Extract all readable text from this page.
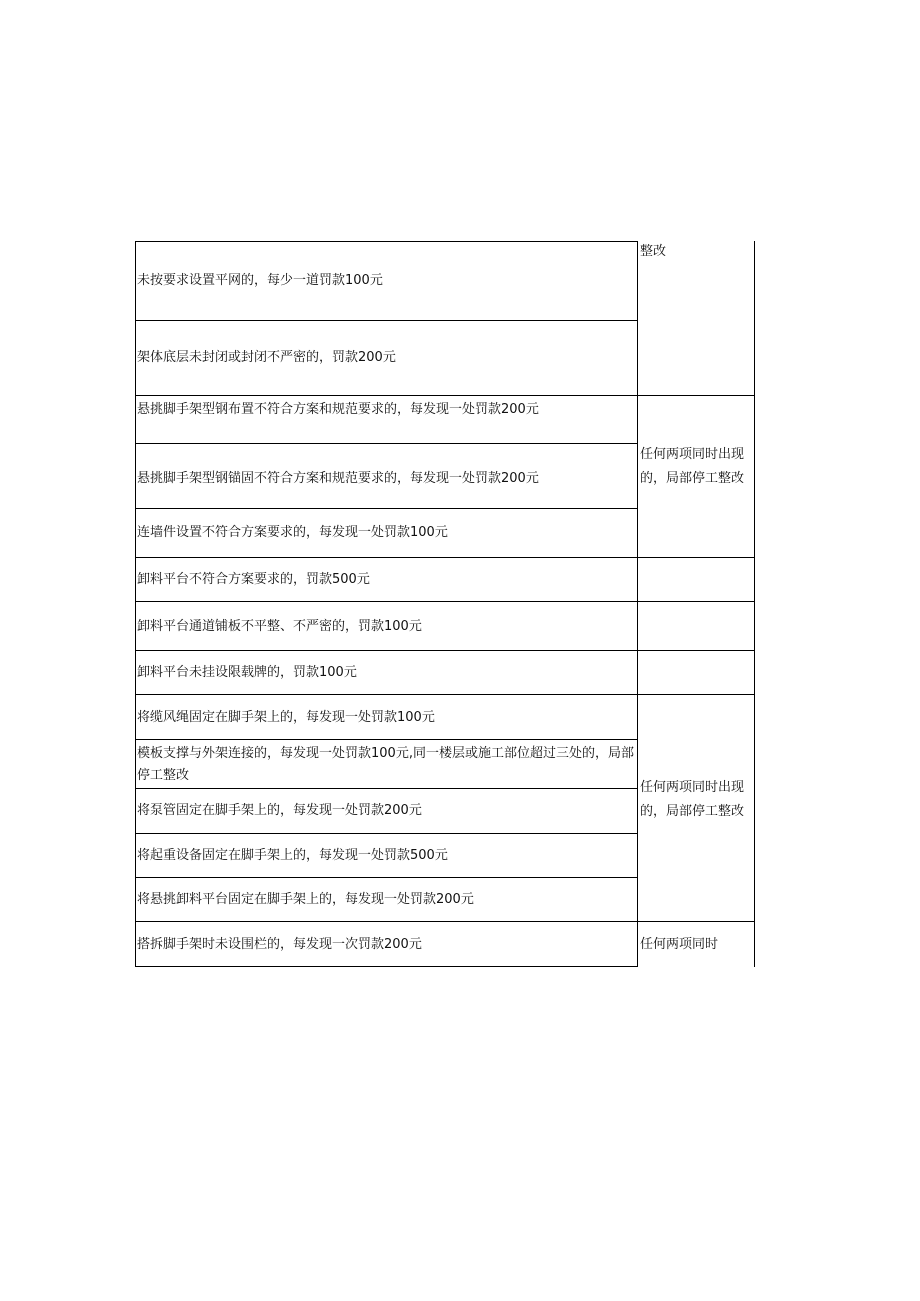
未按要求设置平网的，每少一道罚款100元
架体底层未封闭或封闭不严密的，罚款200元
悬挑脚手架型钢布置不符合方案和规范要求的，每发现一处罚款200元
悬挑脚手架型钢锚固不符合方案和规范要求的，每发现一处罚款200元
连墙件设置不符合方案要求的，每发现一处罚款100元
卸料平台不符合方案要求的，罚款500元
卸料平台通道铺板不平整、不严密的，罚款100元
卸料平台未挂设限载牌的，罚款100元
将缆风绳固定在脚手架上的，每发现一处罚款100元
模板支撑与外架连接的，每发现一处罚款100元,同一楼层或施工部位超过三处的，局部停工整改
将泵管固定在脚手架上的，每发现一处罚款200元
将起重设备固定在脚手架上的，每发现一处罚款500元
将悬挑卸料平台固定在脚手架上的，每发现一处罚款200元
搭拆脚手架时未设围栏的，每发现一次罚款200元
整改
任何两项同时出现的，局部停工整改
任何两项同时出现的，局部停工整改
任何两项同时
